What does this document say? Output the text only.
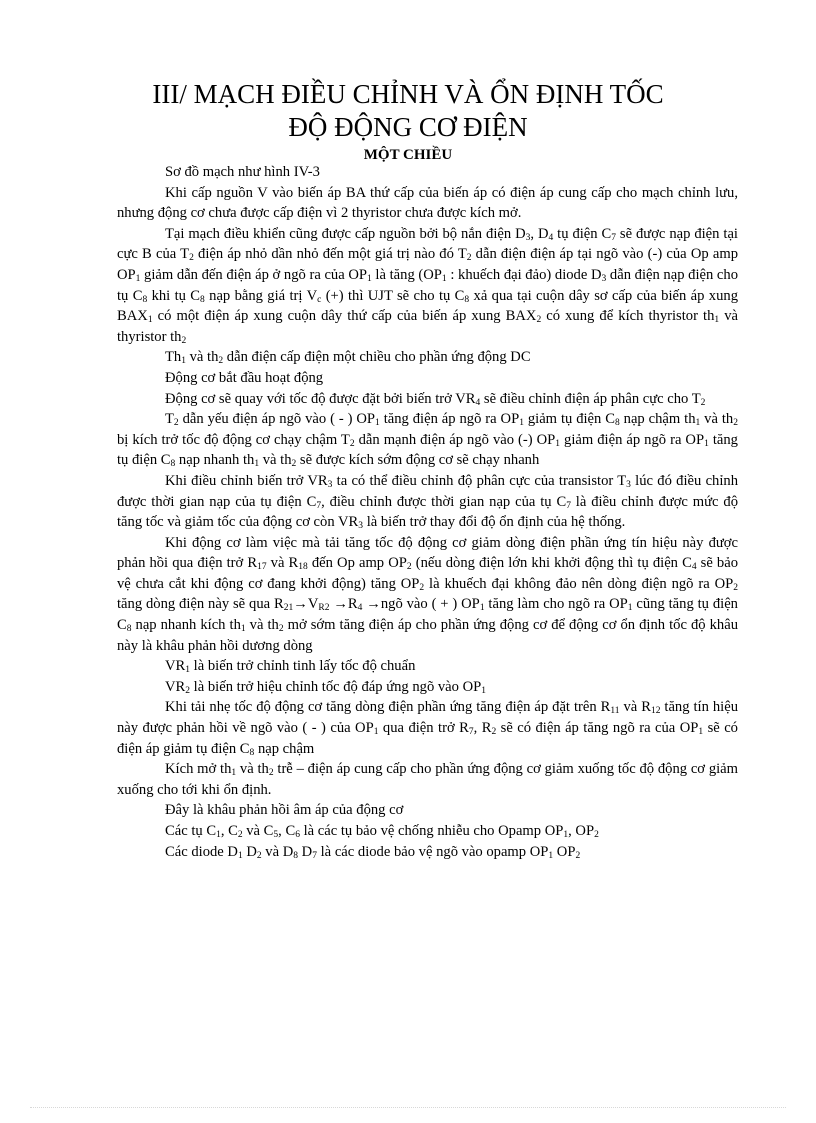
III/ MẠCH ĐIỀU CHỈNH VÀ ỔN ĐỊNH TỐC
ĐỘ ĐỘNG CƠ ĐIỆN
MỘT CHIỀU

Sơ đồ mạch như hình IV-3

Khi cấp nguồn V vào biến áp BA thứ cấp của biến áp có điện áp cung cấp cho mạch chỉnh lưu, nhưng động cơ chưa được cấp điện vì 2 thyristor chưa được kích mở.

Tại mạch điều khiển cũng được cấp nguồn bởi bộ nắn điện $D_3$, $D_4$ tụ điện $C_7$ sẽ được nạp điện tại cực B của $T_2$ điện áp nhỏ dần nhỏ đến một giá trị nào đó $T_2$ dẫn điện điện áp tại ngõ vào (-) của Op amp $OP_1$ giảm dẫn đến điện áp ở ngõ ra của $OP_1$ là tăng ($OP_1$ : khuếch đại đảo) diode $D_3$ dẫn điện nạp điện cho tụ $C_8$ khi tụ $C_8$ nạp bằng giá trị $V_c$ (+) thì UJT sẽ cho tụ $C_8$ xả qua tại cuộn dây sơ cấp của biến áp xung $BAX_1$ có một điện áp xung cuộn dây thứ cấp của biến áp xung $BAX_2$ có xung để kích thyristor $th_1$ và thyristor $th_2$

$Th_1$ và $th_2$ dẫn điện cấp điện một chiều cho phần ứng động DC

Động cơ bắt đầu hoạt động

Động cơ sẽ quay với tốc độ được đặt bởi biến trở $VR_4$ sẽ điều chỉnh điện áp phân cực cho $T_2$

$T_2$ dẫn yếu điện áp ngõ vào ( - ) $OP_1$ tăng điện áp ngõ ra $OP_1$ giảm tụ điện $C_8$ nạp chậm $th_1$ và $th_2$ bị kích trở tốc độ động cơ chạy chậm $T_2$ dẫn mạnh điện áp ngõ vào (-) $OP_1$ giảm điện áp ngõ ra $OP_1$ tăng tụ điện $C_8$ nạp nhanh $th_1$ và $th_2$ sẽ được kích sớm động cơ sẽ chạy nhanh

Khi điều chỉnh biến trở $VR_3$ ta có thể điều chỉnh độ phân cực của transistor $T_3$ lúc đó điều chỉnh được thời gian nạp của tụ điện $C_7$, điều chỉnh được thời gian nạp của tụ $C_7$ là điều chỉnh được mức độ tăng tốc và giảm tốc của động cơ còn $VR_3$ là biến trở thay đổi độ ổn định của hệ thống.

Khi động cơ làm việc mà tải tăng tốc độ động cơ giảm dòng điện phần ứng tín hiệu này được phản hồi qua điện trở $R_{17}$ và $R_{18}$ đến Op amp $OP_2$ (nếu dòng điện lớn khi khởi động thì tụ điện $C_4$ sẽ bảo vệ chưa cắt khi động cơ đang khởi động) tăng $OP_2$ là khuếch đại không đảo nên dòng điện ngõ ra $OP_2$ tăng dòng điện này sẽ qua $R_{21}\to V_{R2} \to R_4$ →ngõ vào ( + ) $OP_1$ tăng làm cho ngõ ra $OP_1$ cũng tăng tụ điện $C_8$ nạp nhanh kích $th_1$ và $th_2$ mở sớm tăng điện áp cho phần ứng động cơ để động cơ ổn định tốc độ khâu này là khâu phản hồi dương dòng

$VR_1$ là biến trở chỉnh tinh lấy tốc độ chuẩn

$VR_2$ là biến trở hiệu chỉnh tốc độ đáp ứng ngõ vào $OP_1$

Khi tải nhẹ tốc độ động cơ tăng dòng điện phần ứng tăng điện áp đặt trên $R_{11}$ và $R_{12}$ tăng tín hiệu này được phản hồi về ngõ vào ( - ) của $OP_1$ qua điện trở $R_7$, $R_2$ sẽ có điện áp tăng ngõ ra của $OP_1$ sẽ có điện áp giảm tụ điện $C_8$ nạp chậm

Kích mở $th_1$ và $th_2$ trễ – điện áp cung cấp cho phần ứng động cơ giảm xuống tốc độ động cơ giảm xuống cho tới khi ổn định.

Đây là khâu phản hồi âm áp của động cơ

Các tụ $C_1$, $C_2$ và $C_5$, $C_6$ là các tụ bảo vệ chống nhiễu cho Opamp $OP_1$, $OP_2$

Các diode $D_1$ $D_2$ và $D_8$ $D_7$ là các diode bảo vệ ngõ vào opamp $OP_1$ $OP_2$
